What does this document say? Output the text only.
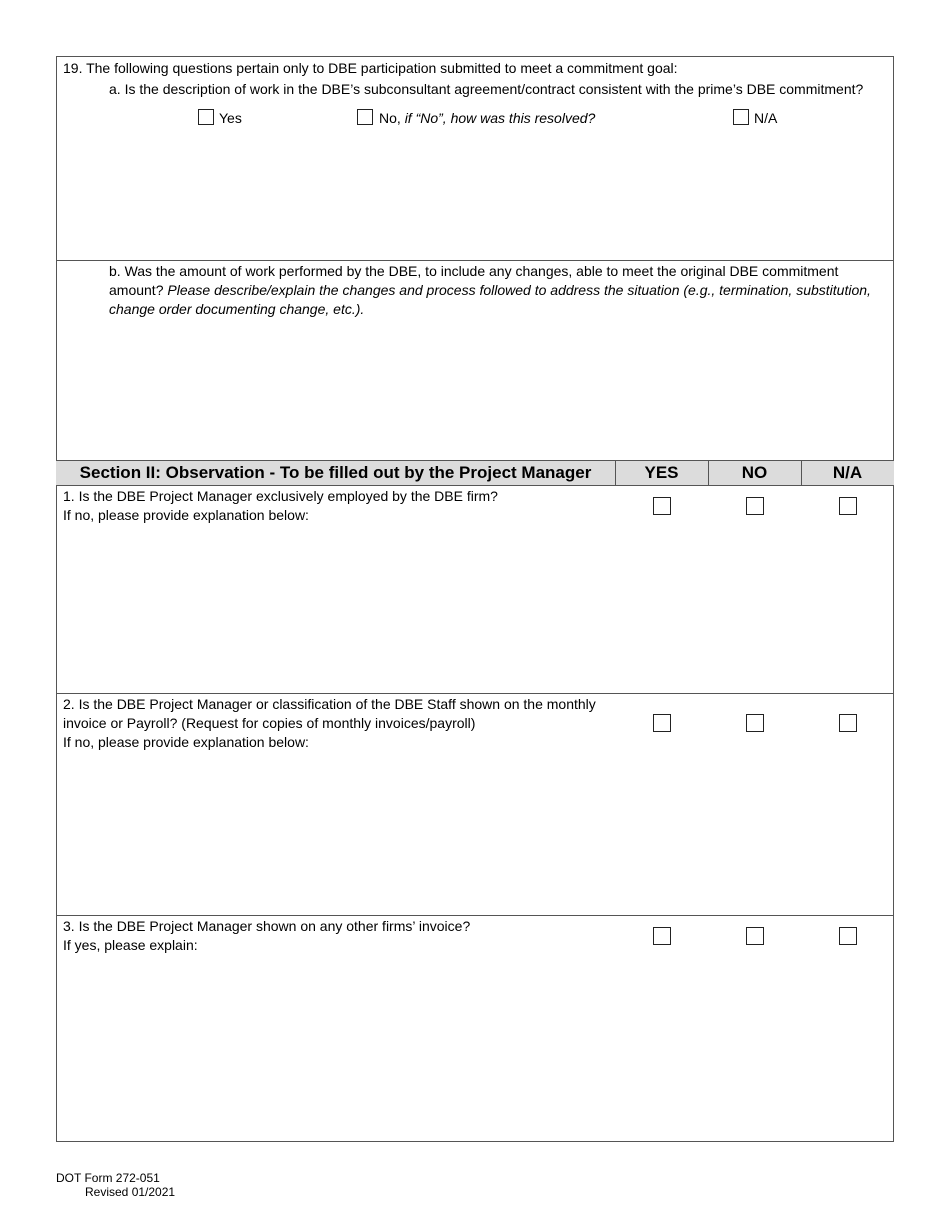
19. The following questions pertain only to DBE participation submitted to meet a commitment goal:
a. Is the description of work in the DBE’s subconsultant agreement/contract consistent with the prime’s DBE commitment?
Yes	No, if “No”, how was this resolved?	N/A
b. Was the amount of work performed by the DBE, to include any changes, able to meet the original DBE commitment amount? Please describe/explain the changes and process followed to address the situation (e.g., termination, substitution, change order documenting change, etc.).
Section II: Observation - To be filled out by the Project Manager	YES	NO	N/A
1. Is the DBE Project Manager exclusively employed by the DBE firm?
If no, please provide explanation below:
2. Is the DBE Project Manager or classification of the DBE Staff shown on the monthly
invoice or Payroll? (Request for copies of monthly invoices/payroll)
If no, please provide explanation below:
3. Is the DBE Project Manager shown on any other firms’ invoice?
If yes, please explain:
DOT Form 272-051
Revised 01/2021
